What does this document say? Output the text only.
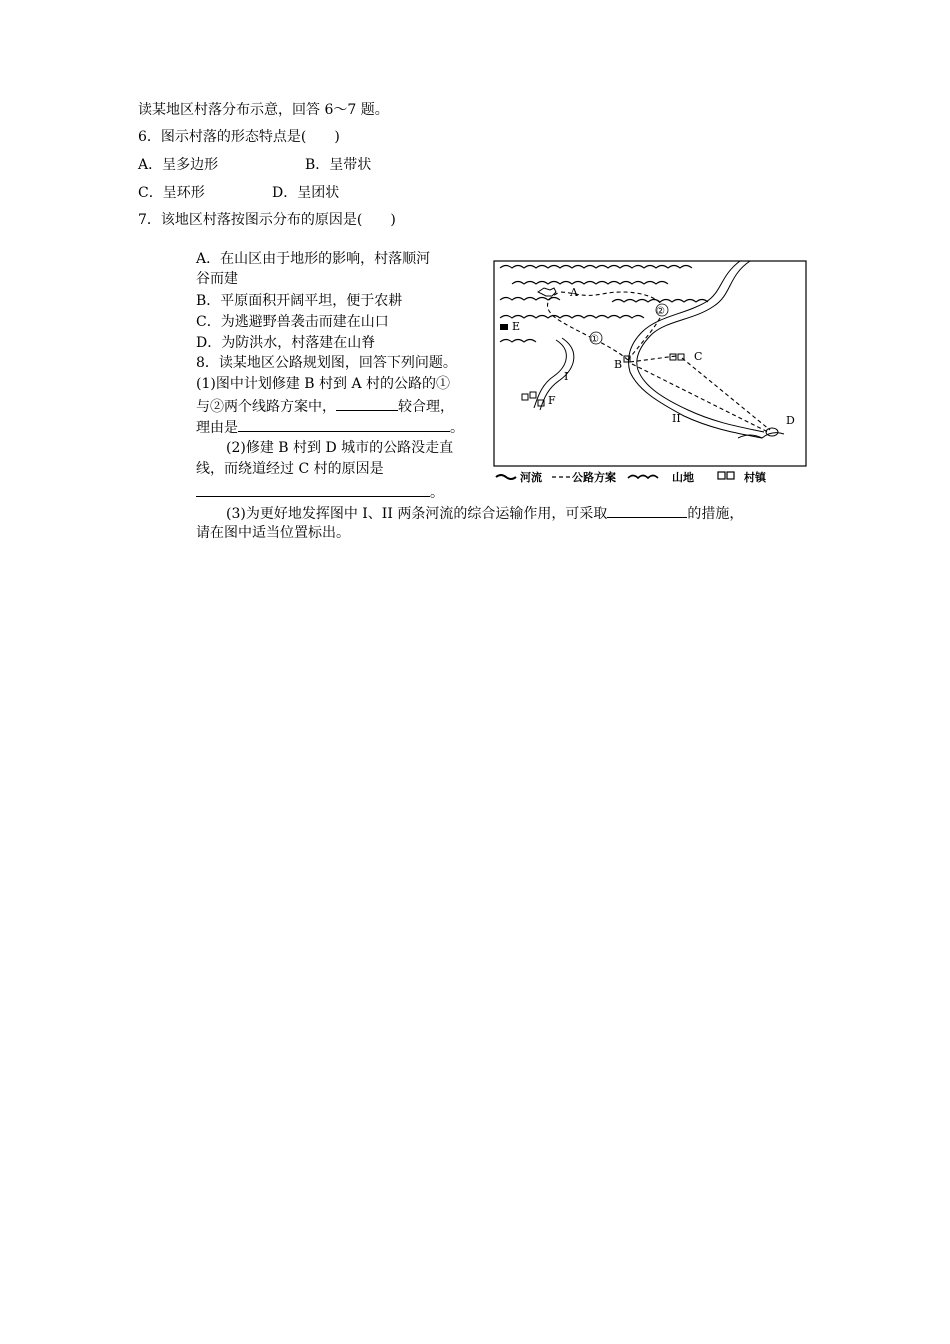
读某地区村落分布示意，回答 6～7 题。
6．图示村落的形态特点是(　　)
A．呈多边形	B．呈带状
C．呈环形	D．呈团状
7．该地区村落按图示分布的原因是(　　)
A．在山区由于地形的影响，村落顺河
谷而建
B．平原面积开阔平坦，便于农耕
C．为逃避野兽袭击而建在山口
D．为防洪水，村落建在山脊
8．读某地区公路规划图，回答下列问题。
(1)图中计划修建 B 村到 A 村的公路的①
与②两个线路方案中，	较合理，
理由是	。
(2)修建 B 村到 D 城市的公路没走直
线，而绕道经过 C 村的原因是
。
(3)为更好地发挥图中 I、II 两条河流的综合运输作用，可采取	的措施，
请在图中适当位置标出。
A
B
C
D
E
F
②
①
I
II
河流	公路方案	山地	村镇
